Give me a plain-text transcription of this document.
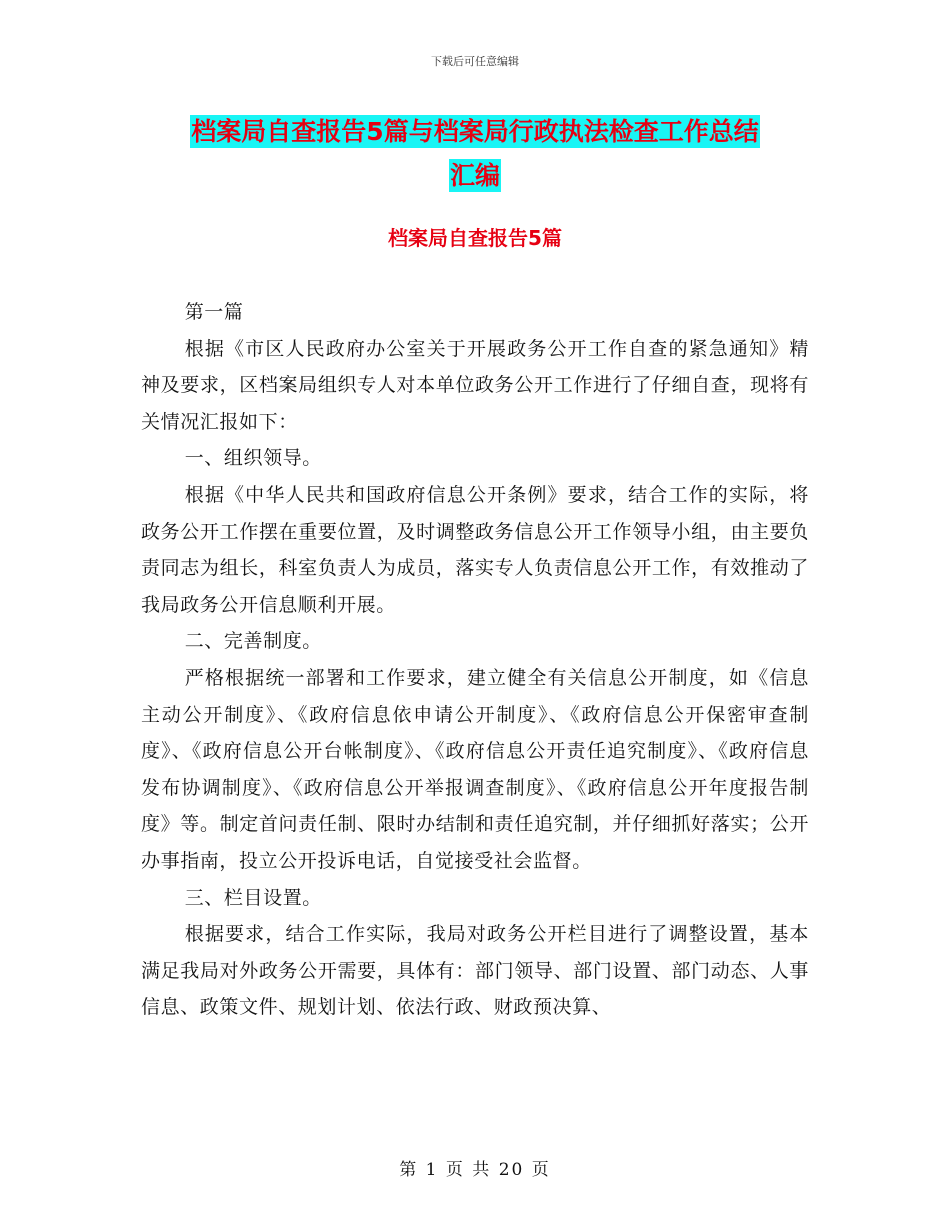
下载后可任意编辑
档案局自查报告5篇与档案局行政执法检查工作总结
汇编
档案局自查报告5篇

第一篇

根据《市区人民政府办公室关于开展政务公开工作自查的紧急通知》精神及要求，区档案局组织专人对本单位政务公开工作进行了仔细自查，现将有关情况汇报如下：

一、组织领导。

根据《中华人民共和国政府信息公开条例》要求，结合工作的实际，将政务公开工作摆在重要位置，及时调整政务信息公开工作领导小组，由主要负责同志为组长，科室负责人为成员，落实专人负责信息公开工作，有效推动了我局政务公开信息顺利开展。

二、完善制度。

严格根据统一部署和工作要求，建立健全有关信息公开制度，如《信息主动公开制度》、《政府信息依申请公开制度》、《政府信息公开保密审查制度》、《政府信息公开台帐制度》、《政府信息公开责任追究制度》、《政府信息发布协调制度》、《政府信息公开举报调查制度》、《政府信息公开年度报告制度》等。制定首问责任制、限时办结制和责任追究制，并仔细抓好落实；公开办事指南，投立公开投诉电话，自觉接受社会监督。

三、栏目设置。

根据要求，结合工作实际，我局对政务公开栏目进行了调整设置，基本满足我局对外政务公开需要，具体有：部门领导、部门设置、部门动态、人事信息、政策文件、规划计划、依法行政、财政预决算、

第 1 页 共 20 页
